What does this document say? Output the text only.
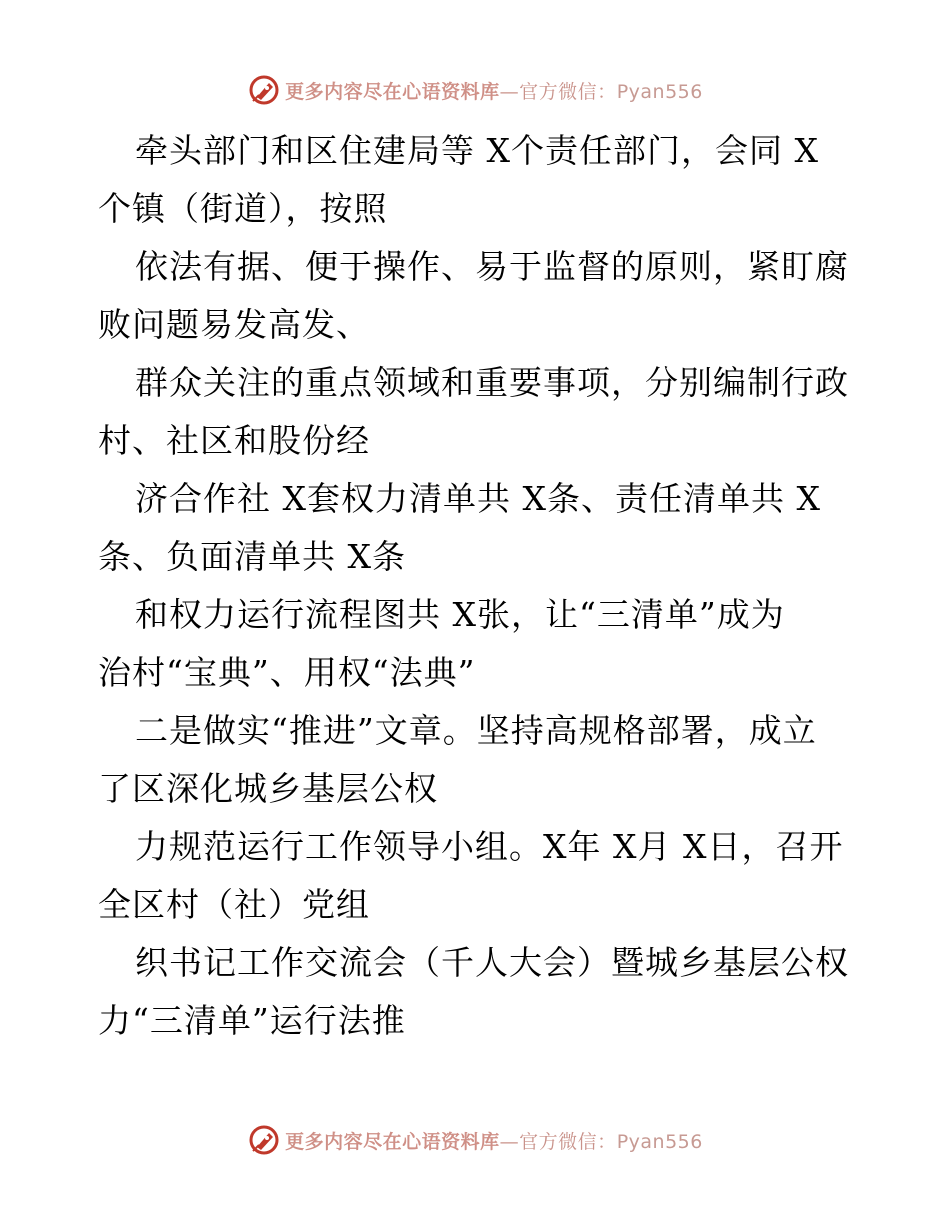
更多内容尽在心语资料库—官方微信：Pyan556
牵头部门和区住建局等 X个责任部门，会同 X
个镇（街道），按照
依法有据、便于操作、易于监督的原则，紧盯腐
败问题易发高发、
群众关注的重点领域和重要事项，分别编制行政
村、社区和股份经
济合作社 X套权力清单共 X条、责任清单共 X
条、负面清单共 X条
和权力运行流程图共 X张，让“三清单”成为
治村“宝典”、用权“法典”
二是做实“推进”文章。坚持高规格部署，成立
了区深化城乡基层公权
力规范运行工作领导小组。X年 X月 X日，召开
全区村（社）党组
织书记工作交流会（千人大会）暨城乡基层公权
力“三清单”运行法推
更多内容尽在心语资料库—官方微信：Pyan556
